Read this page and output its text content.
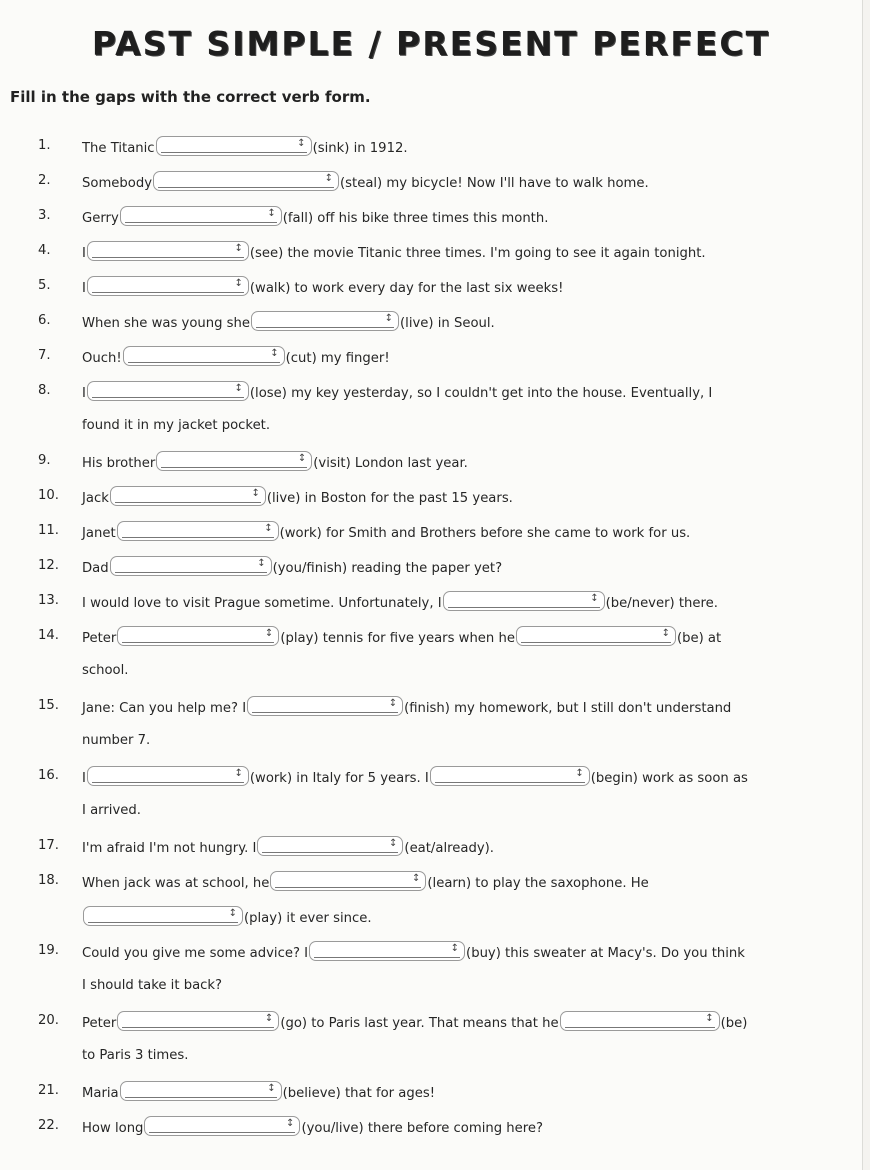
PAST SIMPLE / PRESENT PERFECT
Fill in the gaps with the correct verb form.
1. The Titanic	↕ (sink) in 1912.
2. Somebody	↕ (steal) my bicycle! Now I'll have to walk home.
3. Gerry	↕ (fall) off his bike three times this month.
4. I	↕ (see) the movie Titanic three times. I'm going to see it again tonight.
5. I	↕ (walk) to work every day for the last six weeks!
6. When she was young she	↕ (live) in Seoul.
7. Ouch!	↕ (cut) my finger!
8. I	↕ (lose) my key yesterday, so I couldn't get into the house. Eventually, I
found it in my jacket pocket.
9. His brother	↕ (visit) London last year.
10. Jack	↕ (live) in Boston for the past 15 years.
11. Janet	↕ (work) for Smith and Brothers before she came to work for us.
12. Dad	↕ (you/finish) reading the paper yet?
13. I would love to visit Prague sometime. Unfortunately, I	↕ (be/never) there.
14. Peter	↕ (play) tennis for five years when he	↕ (be) at
school.
15. Jane: Can you help me? I	↕ (finish) my homework, but I still don't understand
number 7.
16. I	↕ (work) in Italy for 5 years. I	↕ (begin) work as soon as
I arrived.
17. I'm afraid I'm not hungry. I	↕ (eat/already).
18. When jack was at school, he	↕ (learn) to play the saxophone. He
↕ (play) it ever since.
19. Could you give me some advice? I	↕ (buy) this sweater at Macy's. Do you think
I should take it back?
20. Peter	↕ (go) to Paris last year. That means that he	↕ (be)
to Paris 3 times.
21. Maria	↕ (believe) that for ages!
22. How long	↕ (you/live) there before coming here?
